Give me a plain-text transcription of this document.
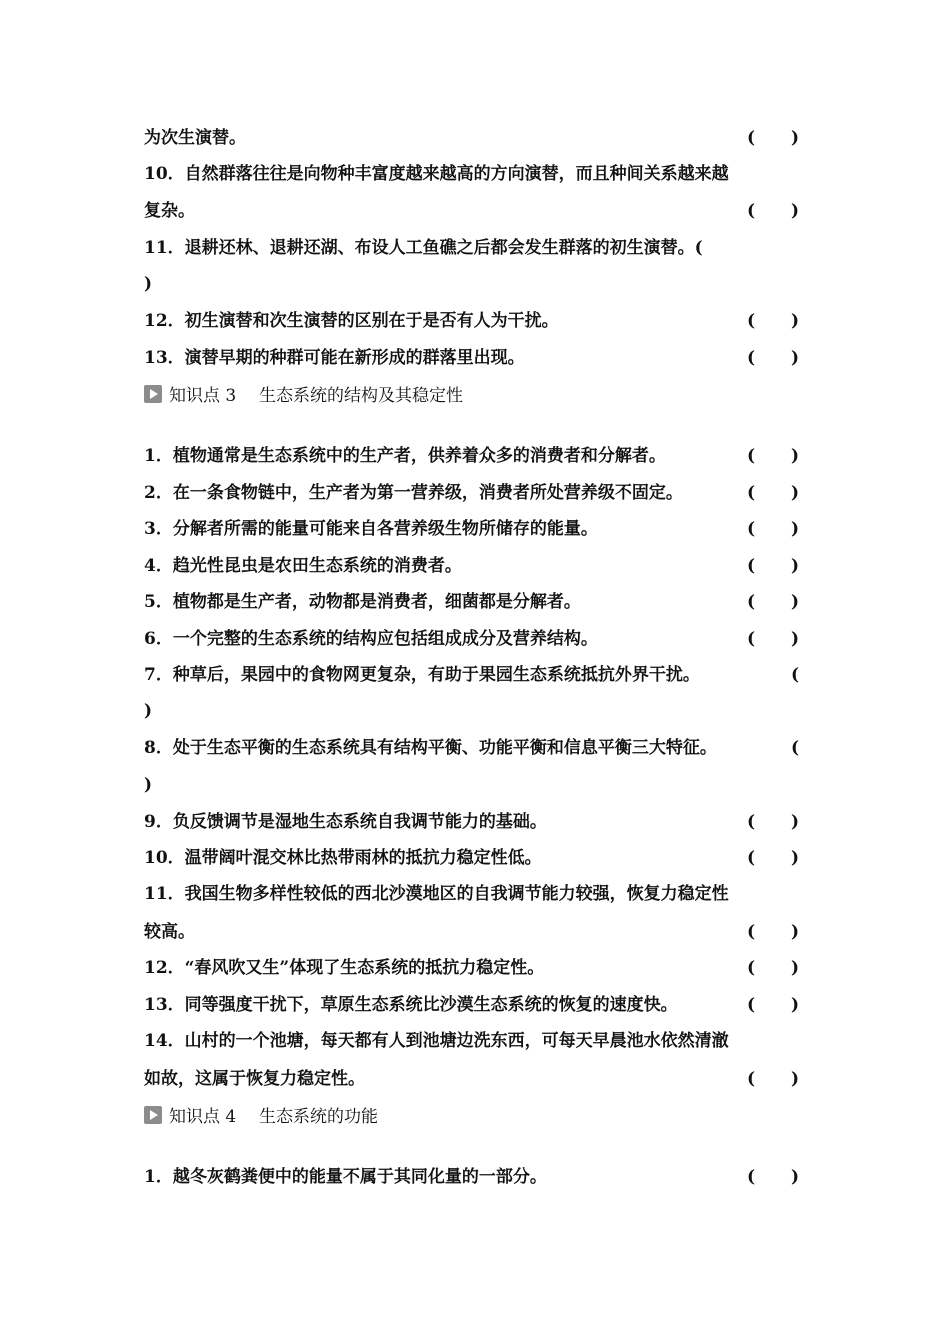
为次生演替。	( )
10．自然群落往往是向物种丰富度越来越高的方向演替，而且种间关系越来越
复杂。	( )
11．退耕还林、退耕还湖、布设人工鱼礁之后都会发生群落的初生演替。(
)
12．初生演替和次生演替的区别在于是否有人为干扰。	( )
13．演替早期的种群可能在新形成的群落里出现。	( )
知识点 3 生态系统的结构及其稳定性
1．植物通常是生态系统中的生产者，供养着众多的消费者和分解者。	( )
2．在一条食物链中，生产者为第一营养级，消费者所处营养级不固定。	( )
3．分解者所需的能量可能来自各营养级生物所储存的能量。	( )
4．趋光性昆虫是农田生态系统的消费者。	( )
5．植物都是生产者，动物都是消费者，细菌都是分解者。	( )
6．一个完整的生态系统的结构应包括组成成分及营养结构。	( )
7．种草后，果园中的食物网更复杂，有助于果园生态系统抵抗外界干扰。	(
)
8．处于生态平衡的生态系统具有结构平衡、功能平衡和信息平衡三大特征。	(
)
9．负反馈调节是湿地生态系统自我调节能力的基础。	( )
10．温带阔叶混交林比热带雨林的抵抗力稳定性低。	( )
11．我国生物多样性较低的西北沙漠地区的自我调节能力较强，恢复力稳定性
较高。	( )
12．“春风吹又生”体现了生态系统的抵抗力稳定性。	( )
13．同等强度干扰下，草原生态系统比沙漠生态系统的恢复的速度快。	( )
14．山村的一个池塘，每天都有人到池塘边洗东西，可每天早晨池水依然清澈
如故，这属于恢复力稳定性。	( )
知识点 4 生态系统的功能
1．越冬灰鹤粪便中的能量不属于其同化量的一部分。	( )
